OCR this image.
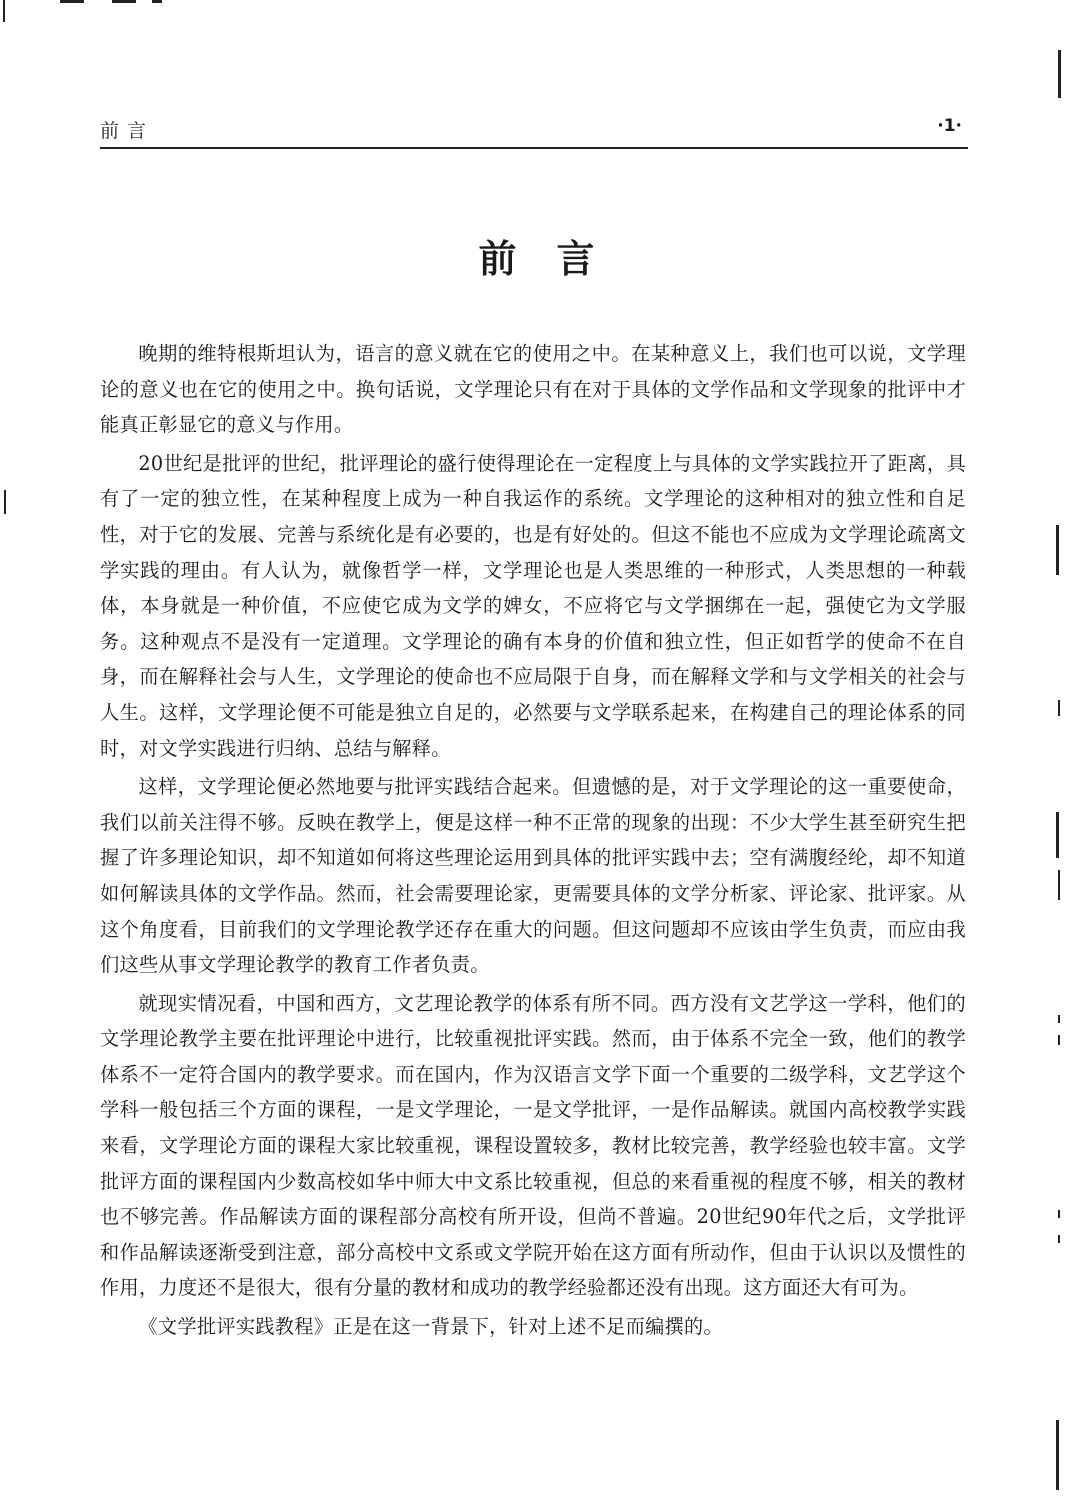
前言	·1·
前言

晚期的维特根斯坦认为，语言的意义就在它的使用之中。在某种意义上，我们也可以说，文学理论的意义也在它的使用之中。换句话说，文学理论只有在对于具体的文学作品和文学现象的批评中才能真正彰显它的意义与作用。

20世纪是批评的世纪，批评理论的盛行使得理论在一定程度上与具体的文学实践拉开了距离，具有了一定的独立性，在某种程度上成为一种自我运作的系统。文学理论的这种相对的独立性和自足性，对于它的发展、完善与系统化是有必要的，也是有好处的。但这不能也不应成为文学理论疏离文学实践的理由。有人认为，就像哲学一样，文学理论也是人类思维的一种形式，人类思想的一种载体，本身就是一种价值，不应使它成为文学的婢女，不应将它与文学捆绑在一起，强使它为文学服务。这种观点不是没有一定道理。文学理论的确有本身的价值和独立性，但正如哲学的使命不在自身，而在解释社会与人生，文学理论的使命也不应局限于自身，而在解释文学和与文学相关的社会与人生。这样，文学理论便不可能是独立自足的，必然要与文学联系起来，在构建自己的理论体系的同时，对文学实践进行归纳、总结与解释。

这样，文学理论便必然地要与批评实践结合起来。但遗憾的是，对于文学理论的这一重要使命，我们以前关注得不够。反映在教学上，便是这样一种不正常的现象的出现：不少大学生甚至研究生把握了许多理论知识，却不知道如何将这些理论运用到具体的批评实践中去；空有满腹经纶，却不知道如何解读具体的文学作品。然而，社会需要理论家，更需要具体的文学分析家、评论家、批评家。从这个角度看，目前我们的文学理论教学还存在重大的问题。但这问题却不应该由学生负责，而应由我们这些从事文学理论教学的教育工作者负责。

就现实情况看，中国和西方，文艺理论教学的体系有所不同。西方没有文艺学这一学科，他们的文学理论教学主要在批评理论中进行，比较重视批评实践。然而，由于体系不完全一致，他们的教学体系不一定符合国内的教学要求。而在国内，作为汉语言文学下面一个重要的二级学科，文艺学这个学科一般包括三个方面的课程，一是文学理论，一是文学批评，一是作品解读。就国内高校教学实践来看，文学理论方面的课程大家比较重视，课程设置较多，教材比较完善，教学经验也较丰富。文学批评方面的课程国内少数高校如华中师大中文系比较重视，但总的来看重视的程度不够，相关的教材也不够完善。作品解读方面的课程部分高校有所开设，但尚不普遍。20世纪90年代之后，文学批评和作品解读逐渐受到注意，部分高校中文系或文学院开始在这方面有所动作，但由于认识以及惯性的作用，力度还不是很大，很有分量的教材和成功的教学经验都还没有出现。这方面还大有可为。

《文学批评实践教程》正是在这一背景下，针对上述不足而编撰的。
